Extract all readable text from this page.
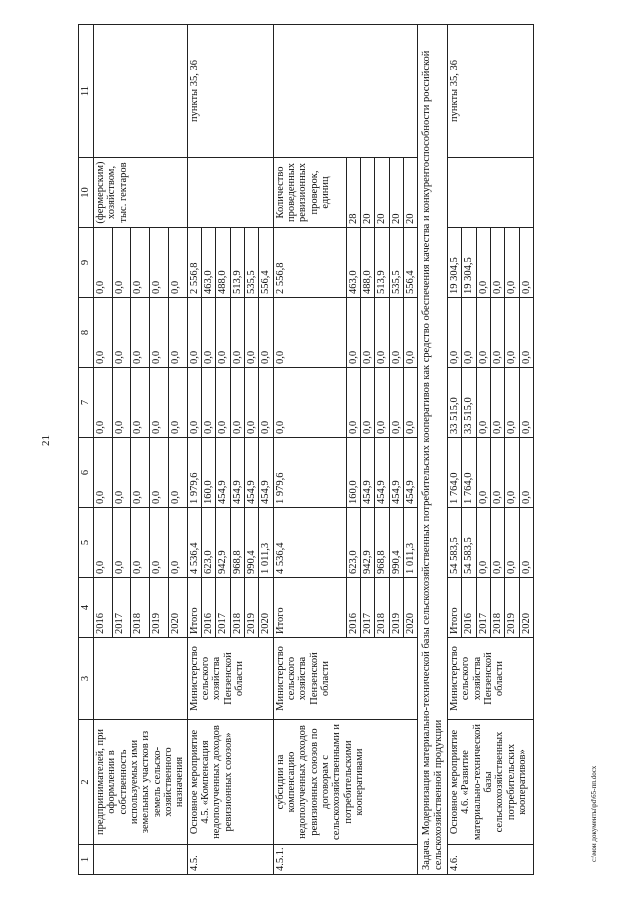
21
c:\мои документы\pd\65-пп.docx
1	2	3	4	5	6	7	8	9	10	11
	предпринимателей, при оформлении в собственность используемых ими земельных участков из земель сельско-хозяйственного назначения		2016	0,0	0,0	0,0	0,0	0,0	(фермерским) хозяйством, тыс. гектаров	
			2017	0,0	0,0	0,0	0,0	0,0		
			2018	0,0	0,0	0,0	0,0	0,0		
			2019	0,0	0,0	0,0	0,0	0,0		
			2020	0,0	0,0	0,0	0,0	0,0		
4.5.	Основное мероприятие 4.5. «Компенсация недополученных доходов ревизионных союзов»	Министерство сельского хозяйства Пензенской области	Итого	4 536,4	1 979,6	0,0	0,0	2 556,8		пункты 35, 36
			2016	623,0	160,0	0,0	0,0	463,0		
			2017	942,9	454,9	0,0	0,0	488,0		
			2018	968,8	454,9	0,0	0,0	513,9		
			2019	990,4	454,9	0,0	0,0	535,5		
			2020	1 011,3	454,9	0,0	0,0	556,4		
4.5.1.	субсидии на компенсацию недополученных доходов ревизионных союзов по договорам с сельскохозяйственными и потребительскими кооперативами	Министерство сельского хозяйства Пензенской области	Итого	4 536,4	1 979,6	0,0	0,0	2 556,8	Количество проведенных ревизионных проверок, единиц	
			2016	623,0	160,0	0,0	0,0	463,0	28	
			2017	942,9	454,9	0,0	0,0	488,0	20	
			2018	968,8	454,9	0,0	0,0	513,9	20	
			2019	990,4	454,9	0,0	0,0	535,5	20	
			2020	1 011,3	454,9	0,0	0,0	556,4	20	
Задача. Модернизация материально-технической базы сельскохозяйственных потребительских кооперативов как средство обеспечения качества и конкурентоспособности российской сельскохозяйственной продукции										
4.6.	Основное мероприятие 4.6. «Развитие материально-технической базы сельскохозяйственных потребительских кооперативов»	Министерство сельского хозяйства Пензенской области	Итого	54 583,5	1 764,0	33 515,0	0,0	19 304,5		пункты 35, 36
			2016	54 583,5	1 764,0	33 515,0	0,0	19 304,5		
			2017	0,0	0,0	0,0	0,0	0,0		
			2018	0,0	0,0	0,0	0,0	0,0		
			2019	0,0	0,0	0,0	0,0	0,0		
			2020	0,0	0,0	0,0	0,0	0,0		
